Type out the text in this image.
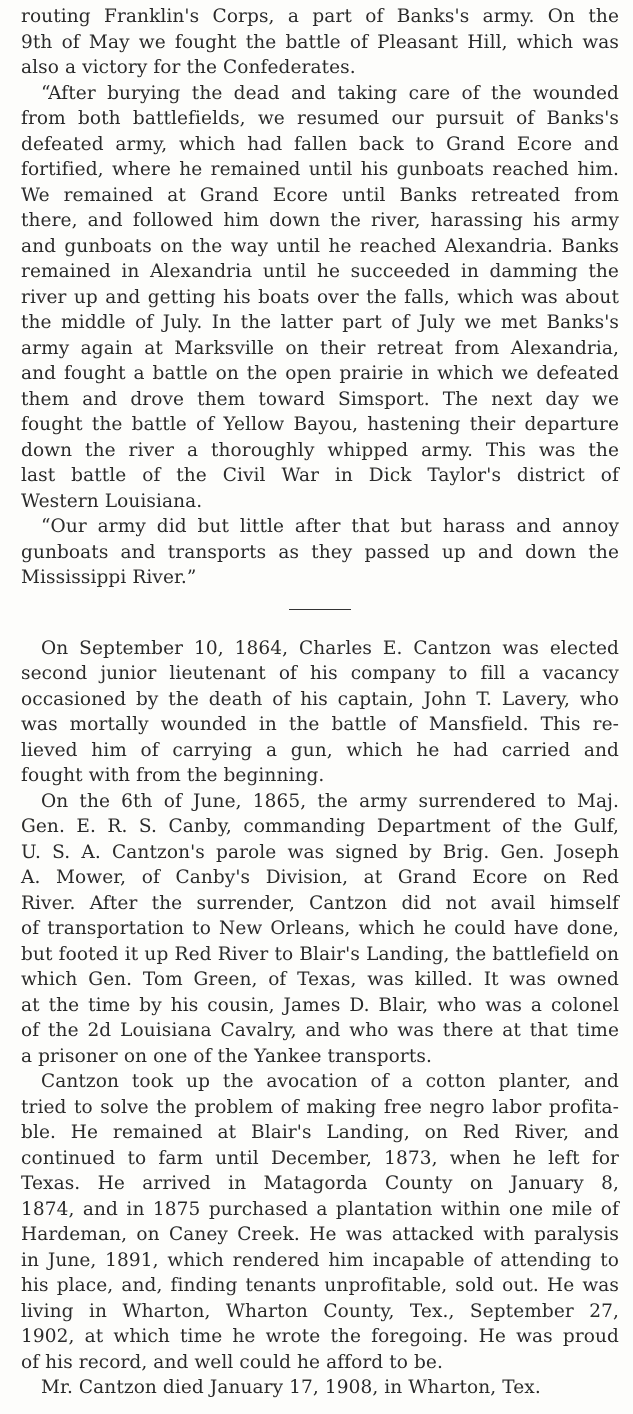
routing Franklin's Corps, a part of Banks's army. On the
9th of May we fought the battle of Pleasant Hill, which was
also a victory for the Confederates.
“After burying the dead and taking care of the wounded
from both battlefields, we resumed our pursuit of Banks's
defeated army, which had fallen back to Grand Ecore and
fortified, where he remained until his gunboats reached him.
We remained at Grand Ecore until Banks retreated from
there, and followed him down the river, harassing his army
and gunboats on the way until he reached Alexandria. Banks
remained in Alexandria until he succeeded in damming the
river up and getting his boats over the falls, which was about
the middle of July. In the latter part of July we met Banks's
army again at Marksville on their retreat from Alexandria,
and fought a battle on the open prairie in which we defeated
them and drove them toward Simsport. The next day we
fought the battle of Yellow Bayou, hastening their departure
down the river a thoroughly whipped army. This was the
last battle of the Civil War in Dick Taylor's district of
Western Louisiana.
“Our army did but little after that but harass and annoy
gunboats and transports as they passed up and down the
Mississippi River.”
On September 10, 1864, Charles E. Cantzon was elected
second junior lieutenant of his company to fill a vacancy
occasioned by the death of his captain, John T. Lavery, who
was mortally wounded in the battle of Mansfield. This re-
lieved him of carrying a gun, which he had carried and
fought with from the beginning.
On the 6th of June, 1865, the army surrendered to Maj.
Gen. E. R. S. Canby, commanding Department of the Gulf,
U. S. A. Cantzon's parole was signed by Brig. Gen. Joseph
A. Mower, of Canby's Division, at Grand Ecore on Red
River. After the surrender, Cantzon did not avail himself
of transportation to New Orleans, which he could have done,
but footed it up Red River to Blair's Landing, the battlefield on
which Gen. Tom Green, of Texas, was killed. It was owned
at the time by his cousin, James D. Blair, who was a colonel
of the 2d Louisiana Cavalry, and who was there at that time
a prisoner on one of the Yankee transports.
Cantzon took up the avocation of a cotton planter, and
tried to solve the problem of making free negro labor profita-
ble. He remained at Blair's Landing, on Red River, and
continued to farm until December, 1873, when he left for
Texas. He arrived in Matagorda County on January 8,
1874, and in 1875 purchased a plantation within one mile of
Hardeman, on Caney Creek. He was attacked with paralysis
in June, 1891, which rendered him incapable of attending to
his place, and, finding tenants unprofitable, sold out. He was
living in Wharton, Wharton County, Tex., September 27,
1902, at which time he wrote the foregoing. He was proud
of his record, and well could he afford to be.
Mr. Cantzon died January 17, 1908, in Wharton, Tex.
